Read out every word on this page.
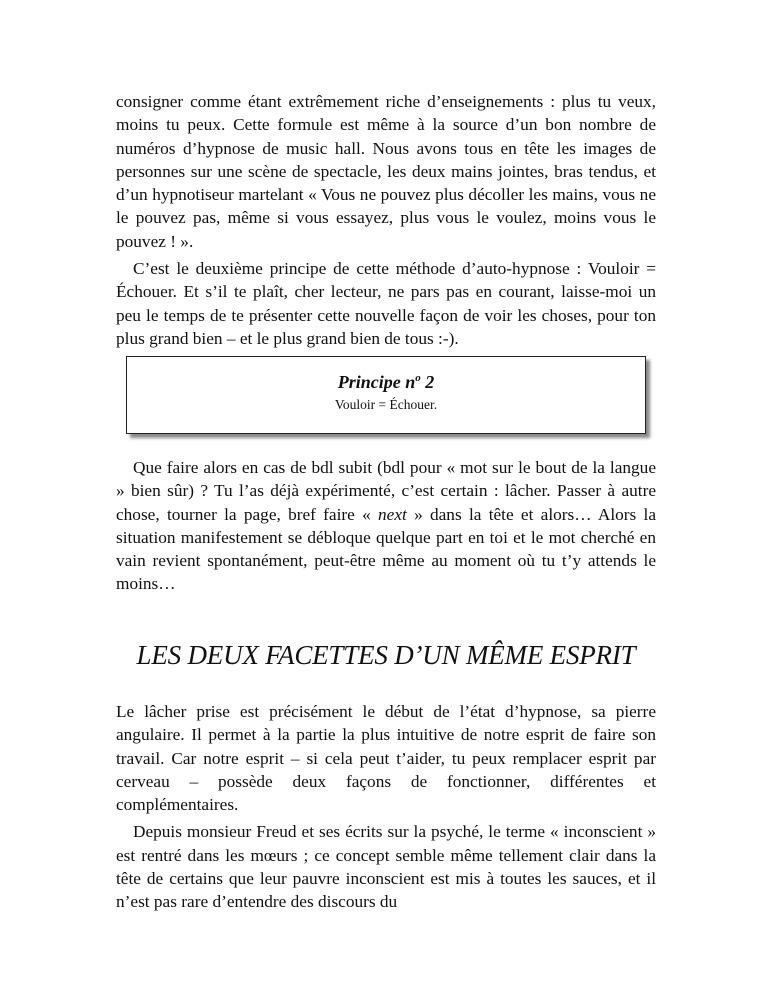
consigner comme étant extrêmement riche d’enseignements : plus tu veux, moins tu peux. Cette formule est même à la source d’un bon nombre de numéros d’hypnose de music hall. Nous avons tous en tête les images de personnes sur une scène de spectacle, les deux mains jointes, bras tendus, et d’un hypnotiseur martelant « Vous ne pouvez plus décoller les mains, vous ne le pouvez pas, même si vous essayez, plus vous le voulez, moins vous le pouvez ! ».

C’est le deuxième principe de cette méthode d’auto-hypnose : Vouloir = Échouer. Et s’il te plaît, cher lecteur, ne pars pas en courant, laisse-moi un peu le temps de te présenter cette nouvelle façon de voir les choses, pour ton plus grand bien – et le plus grand bien de tous :-).

Principe $n^o$ 2
Vouloir = Échouer.

Que faire alors en cas de bdl subit (bdl pour « mot sur le bout de la langue » bien sûr) ? Tu l’as déjà expérimenté, c’est certain : lâcher. Passer à autre chose, tourner la page, bref faire « next » dans la tête et alors… Alors la situation manifestement se débloque quelque part en toi et le mot cherché en vain revient spontanément, peut-être même au moment où tu t’y attends le moins…

LES DEUX FACETTES D’UN MÊME ESPRIT

Le lâcher prise est précisément le début de l’état d’hypnose, sa pierre angulaire. Il permet à la partie la plus intuitive de notre esprit de faire son travail. Car notre esprit – si cela peut t’aider, tu peux remplacer esprit par cerveau – possède deux façons de fonctionner, différentes et complémentaires.

Depuis monsieur Freud et ses écrits sur la psyché, le terme « inconscient » est rentré dans les mœurs ; ce concept semble même tellement clair dans la tête de certains que leur pauvre inconscient est mis à toutes les sauces, et il n’est pas rare d’entendre des discours du
